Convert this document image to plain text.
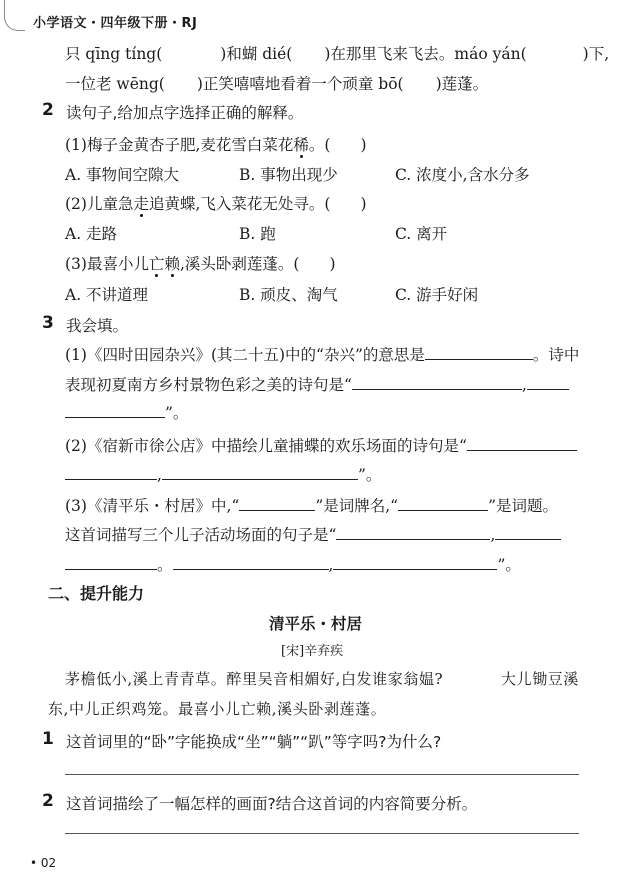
小学语文・四年级下册・RJ
只 qīng tíng(	)和蝴 dié( )在那里飞来飞去。máo yán(	)下,
一位老 wēng( )正笑嘻嘻地看着一个顽童 bō( )莲蓬。
2 读句子,给加点字选择正确的解释。
(1)梅子金黄杏子肥,麦花雪白菜花稀。( )
A. 事物间空隙大	B. 事物出现少	C. 浓度小,含水分多
(2)儿童急走追黄蝶,飞入菜花无处寻。( )
A. 走路	B. 跑	C. 离开
(3)最喜小儿亡赖,溪头卧剥莲蓬。( )
A. 不讲道理	B. 顽皮、淘气	C. 游手好闲
3 我会填。
(1)《四时田园杂兴》(其二十五)中的“杂兴”的意思是	。诗中
表现初夏南方乡村景物色彩之美的诗句是“	,
”。
(2)《宿新市徐公店》中描绘儿童捕蝶的欢乐场面的诗句是“
,	”。
(3)《清平乐・村居》中,“	”是词牌名,“	”是词题。
这首词描写三个儿子活动场面的句子是“	,
。	,	”。
二、提升能力
清平乐・村居
[宋]辛弃疾
茅檐低小,溪上青青草。醉里吴音相媚好,白发谁家翁媪?	大儿锄豆溪
东,中儿正织鸡笼。最喜小儿亡赖,溪头卧剥莲蓬。
1 这首词里的“卧”字能换成“坐”“躺”“趴”等字吗?为什么?
2 这首词描绘了一幅怎样的画面?结合这首词的内容简要分析。
• 02
